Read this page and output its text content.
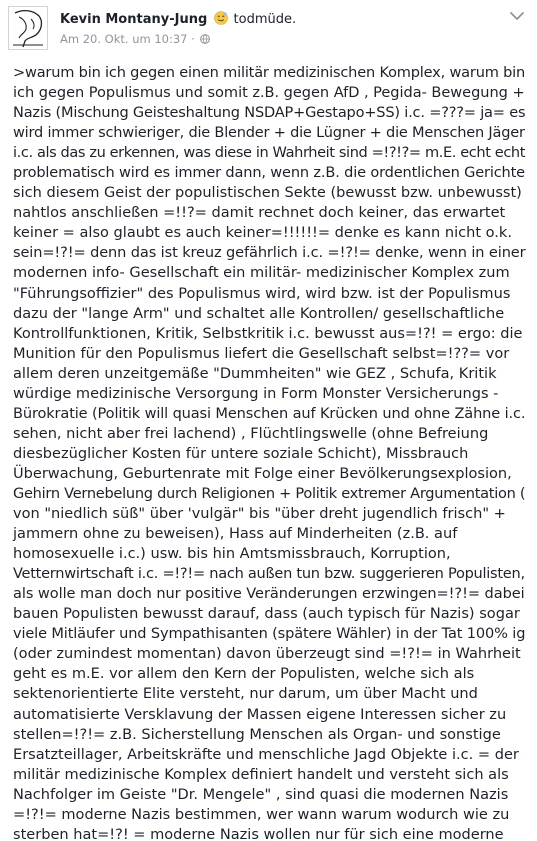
Kevin Montany-Jung todmüde.
Am 20. Okt. um 10:37 ·
>warum bin ich gegen einen militär medizinischen Komplex, warum bin
ich gegen Populismus und somit z.B. gegen AfD , Pegida- Bewegung +
Nazis (Mischung Geisteshaltung NSDAP+Gestapo+SS) i.c. =???= ja= es
wird immer schwieriger, die Blender + die Lügner + die Menschen Jäger
i.c. als das zu erkennen, was diese in Wahrheit sind =!?!?= m.E. echt echt
problematisch wird es immer dann, wenn z.B. die ordentlichen Gerichte
sich diesem Geist der populistischen Sekte (bewusst bzw. unbewusst)
nahtlos anschließen =!!?= damit rechnet doch keiner, das erwartet
keiner = also glaubt es auch keiner=!!!!!!= denke es kann nicht o.k.
sein=!?!= denn das ist kreuz gefährlich i.c. =!?!= denke, wenn in einer
modernen info- Gesellschaft ein militär- medizinischer Komplex zum
"Führungsoffizier" des Populismus wird, wird bzw. ist der Populismus
dazu der "lange Arm" und schaltet alle Kontrollen/ gesellschaftliche
Kontrollfunktionen, Kritik, Selbstkritik i.c. bewusst aus=!?! = ergo: die
Munition für den Populismus liefert die Gesellschaft selbst=!??= vor
allem deren unzeitgemäße "Dummheiten" wie GEZ , Schufa, Kritik
würdige medizinische Versorgung in Form Monster Versicherungs -
Bürokratie (Politik will quasi Menschen auf Krücken und ohne Zähne i.c.
sehen, nicht aber frei lachend) , Flüchtlingswelle (ohne Befreiung
diesbezüglicher Kosten für untere soziale Schicht), Missbrauch
Überwachung, Geburtenrate mit Folge einer Bevölkerungsexplosion,
Gehirn Vernebelung durch Religionen + Politik extremer Argumentation (
von "niedlich süß" über 'vulgär" bis "über dreht jugendlich frisch" +
jammern ohne zu beweisen), Hass auf Minderheiten (z.B. auf
homosexuelle i.c.) usw. bis hin Amtsmissbrauch, Korruption,
Vetternwirtschaft i.c. =!?!= nach außen tun bzw. suggerieren Populisten,
als wolle man doch nur positive Veränderungen erzwingen=!?!= dabei
bauen Populisten bewusst darauf, dass (auch typisch für Nazis) sogar
viele Mitläufer und Sympathisanten (spätere Wähler) in der Tat 100% ig
(oder zumindest momentan) davon überzeugt sind =!?!= in Wahrheit
geht es m.E. vor allem den Kern der Populisten, welche sich als
sektenorientierte Elite versteht, nur darum, um über Macht und
automatisierte Versklavung der Massen eigene Interessen sicher zu
stellen=!?!= z.B. Sicherstellung Menschen als Organ- und sonstige
Ersatzteillager, Arbeitskräfte und menschliche Jagd Objekte i.c. = der
militär medizinische Komplex definiert handelt und versteht sich als
Nachfolger im Geiste "Dr. Mengele" , sind quasi die modernen Nazis
=!?!= moderne Nazis bestimmen, wer wann warum wodurch wie zu
sterben hat=!?! = moderne Nazis wollen nur für sich eine moderne
